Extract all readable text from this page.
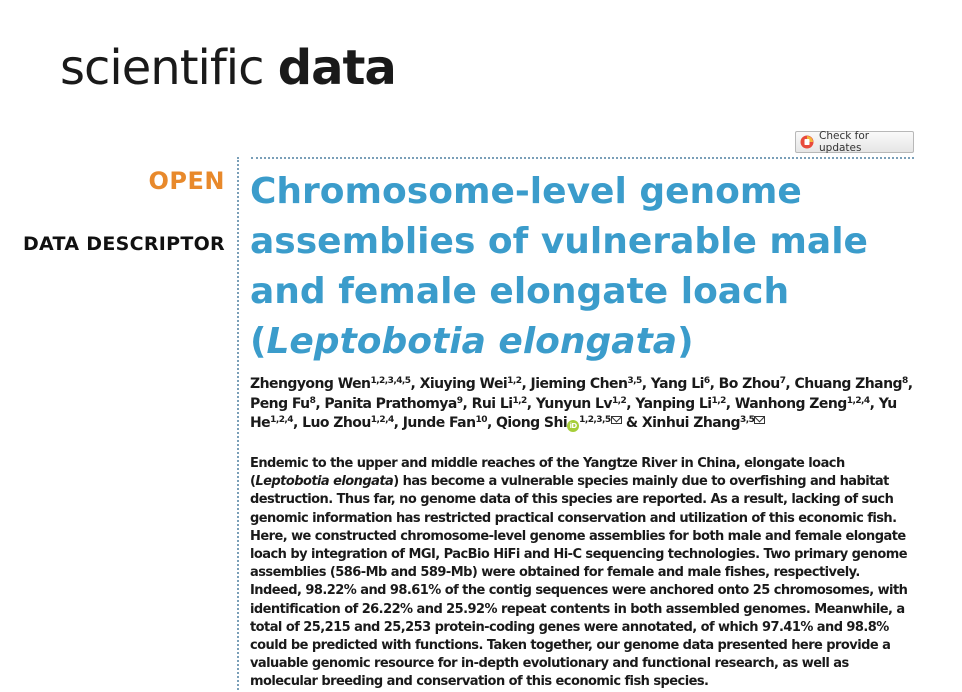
scientific data
Check for updates
OPEN
DATA DESCRIPTOR
Chromosome-level genome assemblies of vulnerable male and female elongate loach (Leptobotia elongata)
Zhengyong Wen$^{1,2,3,4,5}$, Xiuying Wei$^{1,2}$, Jieming Chen$^{3,5}$, Yang Li$^6$, Bo Zhou$^7$, Chuang Zhang$^8$, Peng Fu$^8$, Panita Prathomya$^9$, Rui Li$^{1,2}$, Yunyun Lv$^{1,2}$, Yanping Li$^{1,2}$, Wanhong Zeng$^{1,2,4}$, Yu He$^{1,2,4}$, Luo Zhou$^{1,2,4}$, Junde Fan$^{10}$, Qiong Shi iD$^{1,2,3,5}$ & Xinhui Zhang$^{3,5}$
Endemic to the upper and middle reaches of the Yangtze River in China, elongate loach (Leptobotia elongata) has become a vulnerable species mainly due to overfishing and habitat destruction. Thus far, no genome data of this species are reported. As a result, lacking of such genomic information has restricted practical conservation and utilization of this economic fish. Here, we constructed chromosome-level genome assemblies for both male and female elongate loach by integration of MGI, PacBio HiFi and Hi-C sequencing technologies. Two primary genome assemblies (586-Mb and 589-Mb) were obtained for female and male fishes, respectively. Indeed, 98.22% and 98.61% of the contig sequences were anchored onto 25 chromosomes, with identification of 26.22% and 25.92% repeat contents in both assembled genomes. Meanwhile, a total of 25,215 and 25,253 protein-coding genes were annotated, of which 97.41% and 98.8% could be predicted with functions. Taken together, our genome data presented here provide a valuable genomic resource for in-depth evolutionary and functional research, as well as molecular breeding and conservation of this economic fish species.
